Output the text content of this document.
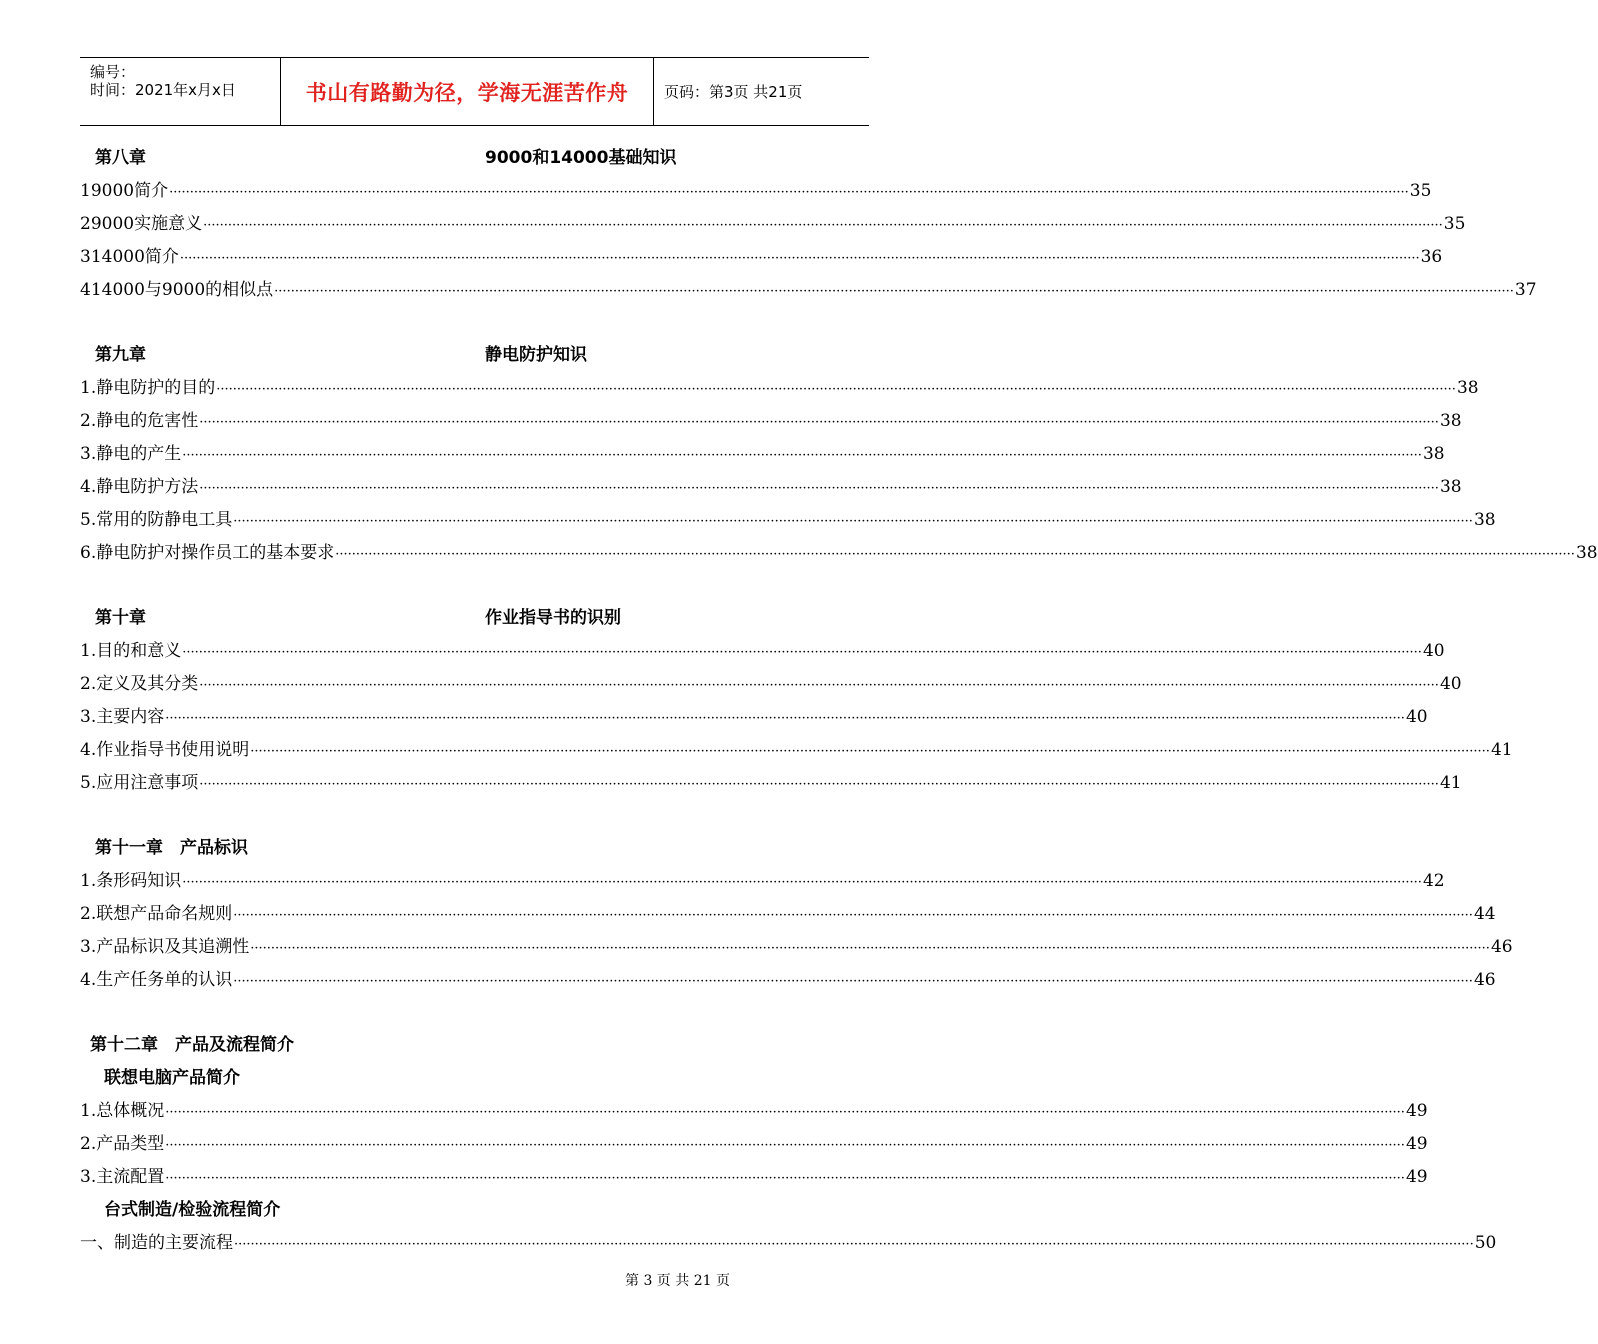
编号：
时间：2021年x月x日	书山有路勤为径，学海无涯苦作舟	页码：第3页 共21页
第八章	9000和14000基础知识
19000简介 ············································································································································································································································································································ 35
29000实施意义 ············································································································································································································································································································ 35
314000简介 ············································································································································································································································································································ 36
414000与9000的相似点 ············································································································································································································································································································ 37
第九章	静电防护知识
1.静电防护的目的 ············································································································································································································································································································ 38
2.静电的危害性 ············································································································································································································································································································ 38
3.静电的产生 ············································································································································································································································································································ 38
4.静电防护方法 ············································································································································································································································································································ 38
5.常用的防静电工具 ············································································································································································································································································································ 38
6.静电防护对操作员工的基本要求 ············································································································································································································································································································ 38
第十章	作业指导书的识别
1.目的和意义 ············································································································································································································································································································ 40
2.定义及其分类 ············································································································································································································································································································ 40
3.主要内容 ············································································································································································································································································································ 40
4.作业指导书使用说明 ············································································································································································································································································································ 41
5.应用注意事项 ············································································································································································································································································································ 41
第十一章　产品标识
1.条形码知识 ············································································································································································································································································································ 42
2.联想产品命名规则 ············································································································································································································································································································ 44
3.产品标识及其追溯性 ············································································································································································································································································································ 46
4.生产任务单的认识 ············································································································································································································································································································ 46
第十二章　产品及流程简介
联想电脑产品简介
1.总体概况 ············································································································································································································································································································ 49
2.产品类型 ············································································································································································································································································································ 49
3.主流配置 ············································································································································································································································································································ 49
台式制造/检验流程简介
一、制造的主要流程 ············································································································································································································································································································ 50
第 3 页 共 21 页
